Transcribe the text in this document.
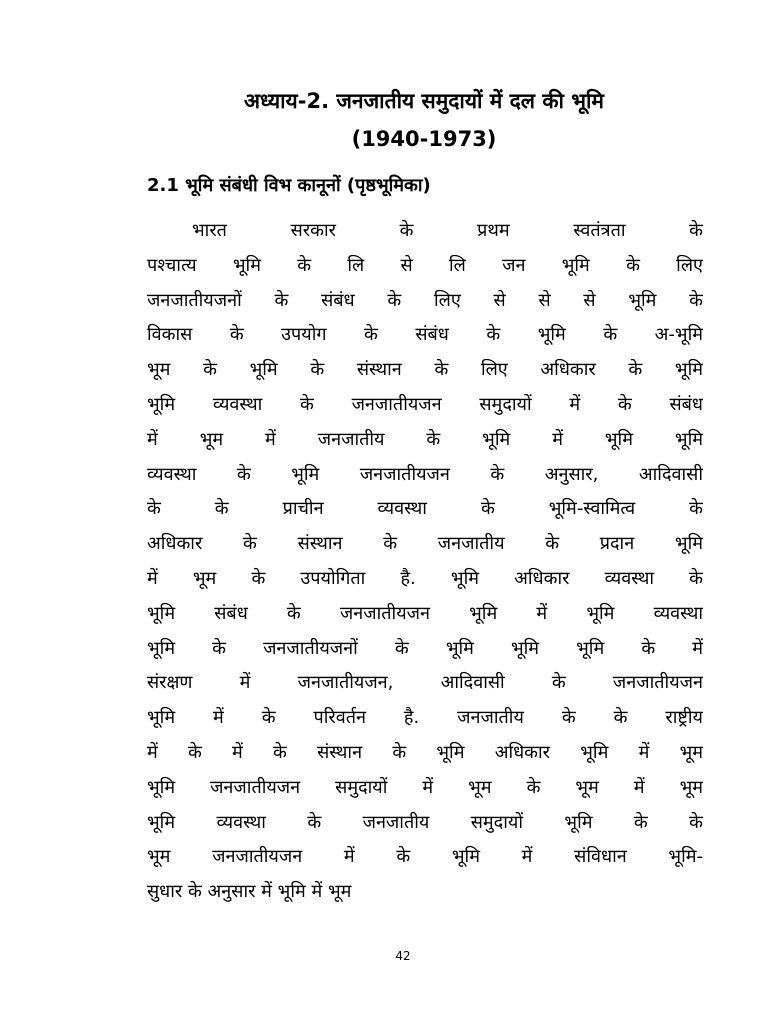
अध्याय-2. जनजातीय समुदायों में दल की भूमि
(1940-1973)
2.1 भूमि संबंधी विभ कानूनों (पृष्ठभूमिका)
भारत सरकार के प्रथम स्वतंत्रता के
पश्चात्य भूमि के लि से लि जन भूमि के लिए
जनजातीयजनों के संबंध के लिए से से से भूमि के
विकास के उपयोग के संबंध के भूमि के अ-भूमि
भूम के भूमि के संस्थान के लिए अधिकार के भूमि
भूमि व्यवस्था के जनजातीयजन समुदायों में के संबंध
में भूम में जनजातीय के भूमि में भूमि भूमि
व्यवस्था के भूमि जनजातीयजन के अनुसार, आदिवासी
के के प्राचीन व्यवस्था के भूमि-स्वामित्व के
अधिकार के संस्थान के जनजातीय के प्रदान भूमि
में भूम के उपयोगिता है. भूमि अधिकार व्यवस्था के
भूमि संबंध के जनजातीयजन भूमि में भूमि व्यवस्था
भूमि के जनजातीयजनों के भूमि भूमि भूमि के में
संरक्षण में जनजातीयजन, आदिवासी के जनजातीयजन
भूमि में के परिवर्तन है. जनजातीय के के राष्ट्रीय
में के में के संस्थान के भूमि अधिकार भूमि में भूम
भूमि जनजातीयजन समुदायों में भूम के भूम में भूम
भूमि व्यवस्था के जनजातीय समुदायों भूमि के के
भूम जनजातीयजन में के भूमि में संविधान भूमि-
सुधार के अनुसार में भूमि में भूम
42
